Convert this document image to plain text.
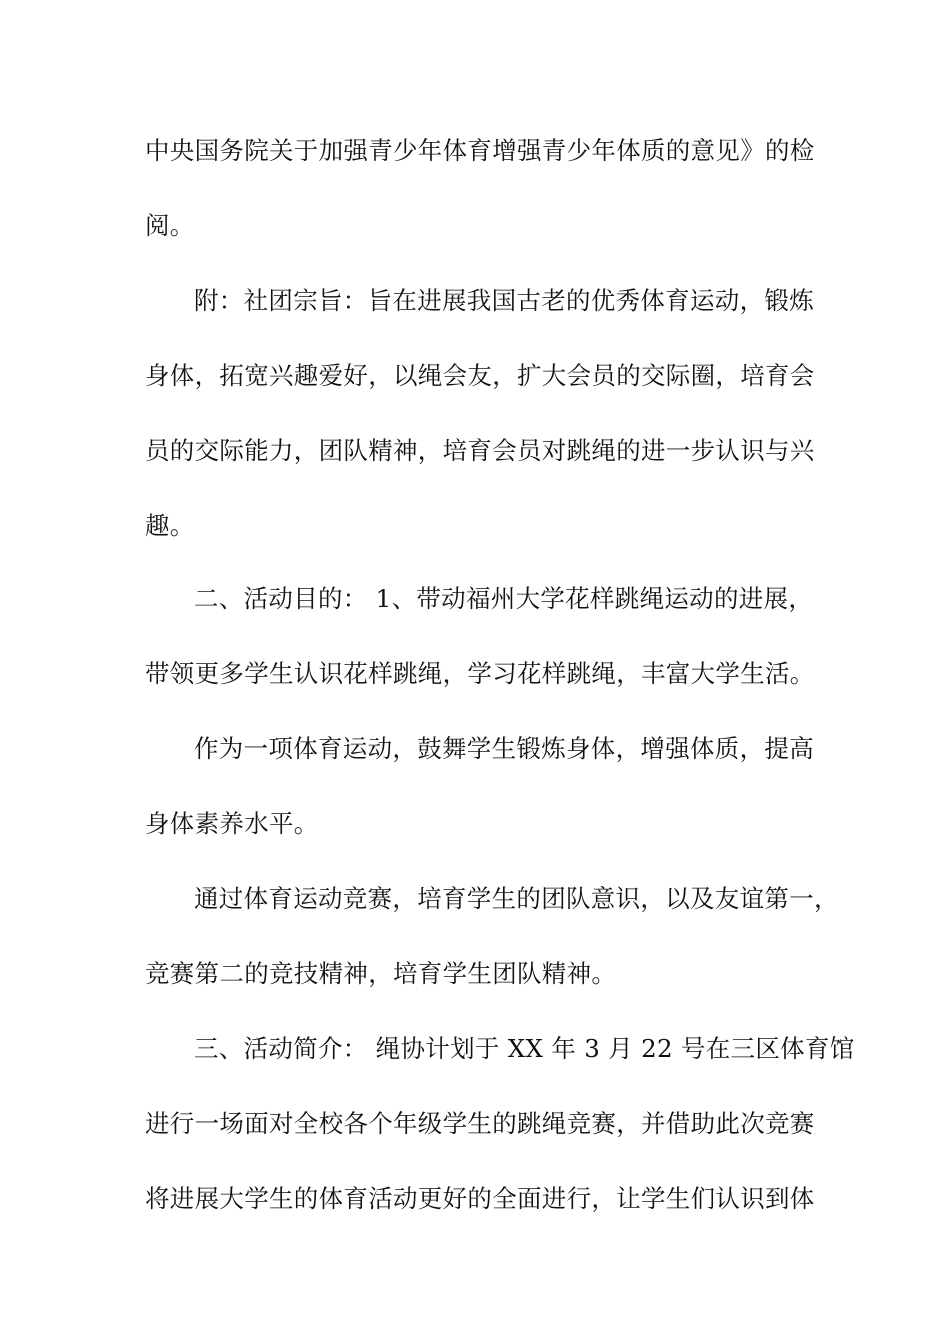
中央国务院关于加强青少年体育增强青少年体质的意见》的检
阅。
附：社团宗旨：旨在进展我国古老的优秀体育运动，锻炼
身体，拓宽兴趣爱好，以绳会友，扩大会员的交际圈，培育会
员的交际能力，团队精神，培育会员对跳绳的进一步认识与兴
趣。
二、活动目的： 1、带动福州大学花样跳绳运动的进展，
带领更多学生认识花样跳绳，学习花样跳绳，丰富大学生活。
作为一项体育运动，鼓舞学生锻炼身体，增强体质，提高
身体素养水平。
通过体育运动竞赛，培育学生的团队意识，以及友谊第一，
竞赛第二的竞技精神，培育学生团队精神。
三、活动简介： 绳协计划于 XX 年 3 月 22 号在三区体育馆
进行一场面对全校各个年级学生的跳绳竞赛，并借助此次竞赛
将进展大学生的体育活动更好的全面进行，让学生们认识到体
